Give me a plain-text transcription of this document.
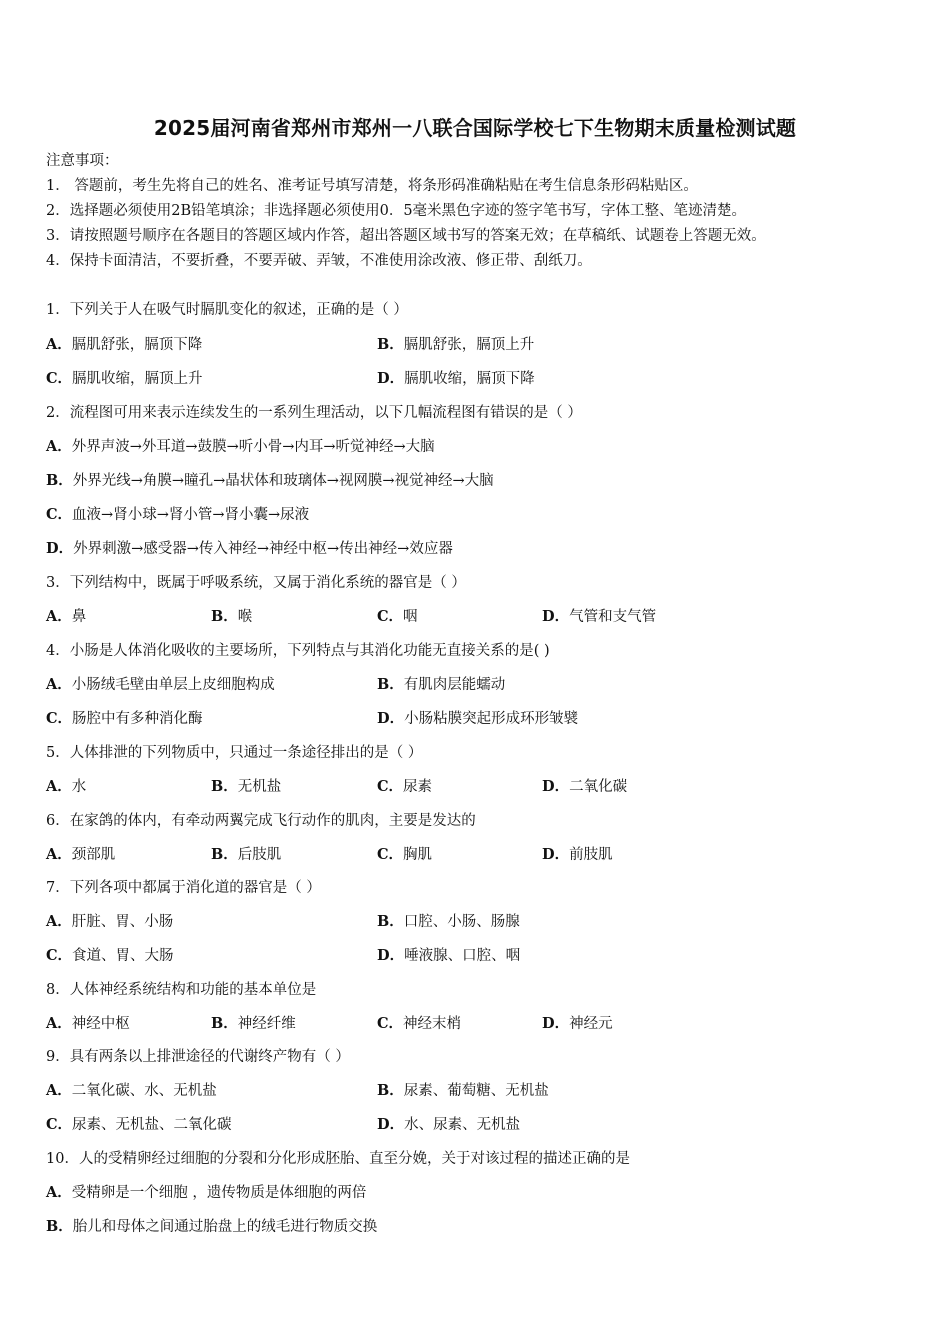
2025届河南省郑州市郑州一八联合国际学校七下生物期末质量检测试题
注意事项：
1． 答题前，考生先将自己的姓名、准考证号填写清楚，将条形码准确粘贴在考生信息条形码粘贴区。
2．选择题必须使用2B铅笔填涂；非选择题必须使用0．5毫米黑色字迹的签字笔书写，字体工整、笔迹清楚。
3．请按照题号顺序在各题目的答题区域内作答，超出答题区域书写的答案无效；在草稿纸、试题卷上答题无效。
4．保持卡面清洁，不要折叠，不要弄破、弄皱，不准使用涂改液、修正带、刮纸刀。
1．下列关于人在吸气时膈肌变化的叙述，正确的是（ ）
A．膈肌舒张，膈顶下降	B．膈肌舒张，膈顶上升
C．膈肌收缩，膈顶上升	D．膈肌收缩，膈顶下降
2．流程图可用来表示连续发生的一系列生理活动，以下几幅流程图有错误的是（ ）
A．外界声波→外耳道→鼓膜→听小骨→内耳→听觉神经→大脑
B．外界光线→角膜→瞳孔→晶状体和玻璃体→视网膜→视觉神经→大脑
C．血液→肾小球→肾小管→肾小囊→尿液
D．外界刺激→感受器→传入神经→神经中枢→传出神经→效应器
3．下列结构中，既属于呼吸系统，又属于消化系统的器官是（ ）
A．鼻	B．喉	C．咽	D．气管和支气管
4．小肠是人体消化吸收的主要场所，下列特点与其消化功能无直接关系的是( )
A．小肠绒毛壁由单层上皮细胞构成	B．有肌肉层能蠕动
C．肠腔中有多种消化酶	D．小肠粘膜突起形成环形皱襞
5．人体排泄的下列物质中，只通过一条途径排出的是（ ）
A．水	B．无机盐	C．尿素	D．二氧化碳
6．在家鸽的体内，有牵动两翼完成飞行动作的肌肉，主要是发达的
A．颈部肌	B．后肢肌	C．胸肌	D．前肢肌
7．下列各项中都属于消化道的器官是（ ）
A．肝脏、胃、小肠	B．口腔、小肠、肠腺
C．食道、胃、大肠	D．唾液腺、口腔、咽
8．人体神经系统结构和功能的基本单位是
A．神经中枢	B．神经纤维	C．神经末梢	D．神经元
9．具有两条以上排泄途径的代谢终产物有（ ）
A．二氧化碳、水、无机盐	B．尿素、葡萄糖、无机盐
C．尿素、无机盐、二氧化碳	D．水、尿素、无机盐
10．人的受精卵经过细胞的分裂和分化形成胚胎、直至分娩，关于对该过程的描述正确的是
A．受精卵是一个细胞 ，遗传物质是体细胞的两倍
B．胎儿和母体之间通过胎盘上的绒毛进行物质交换
